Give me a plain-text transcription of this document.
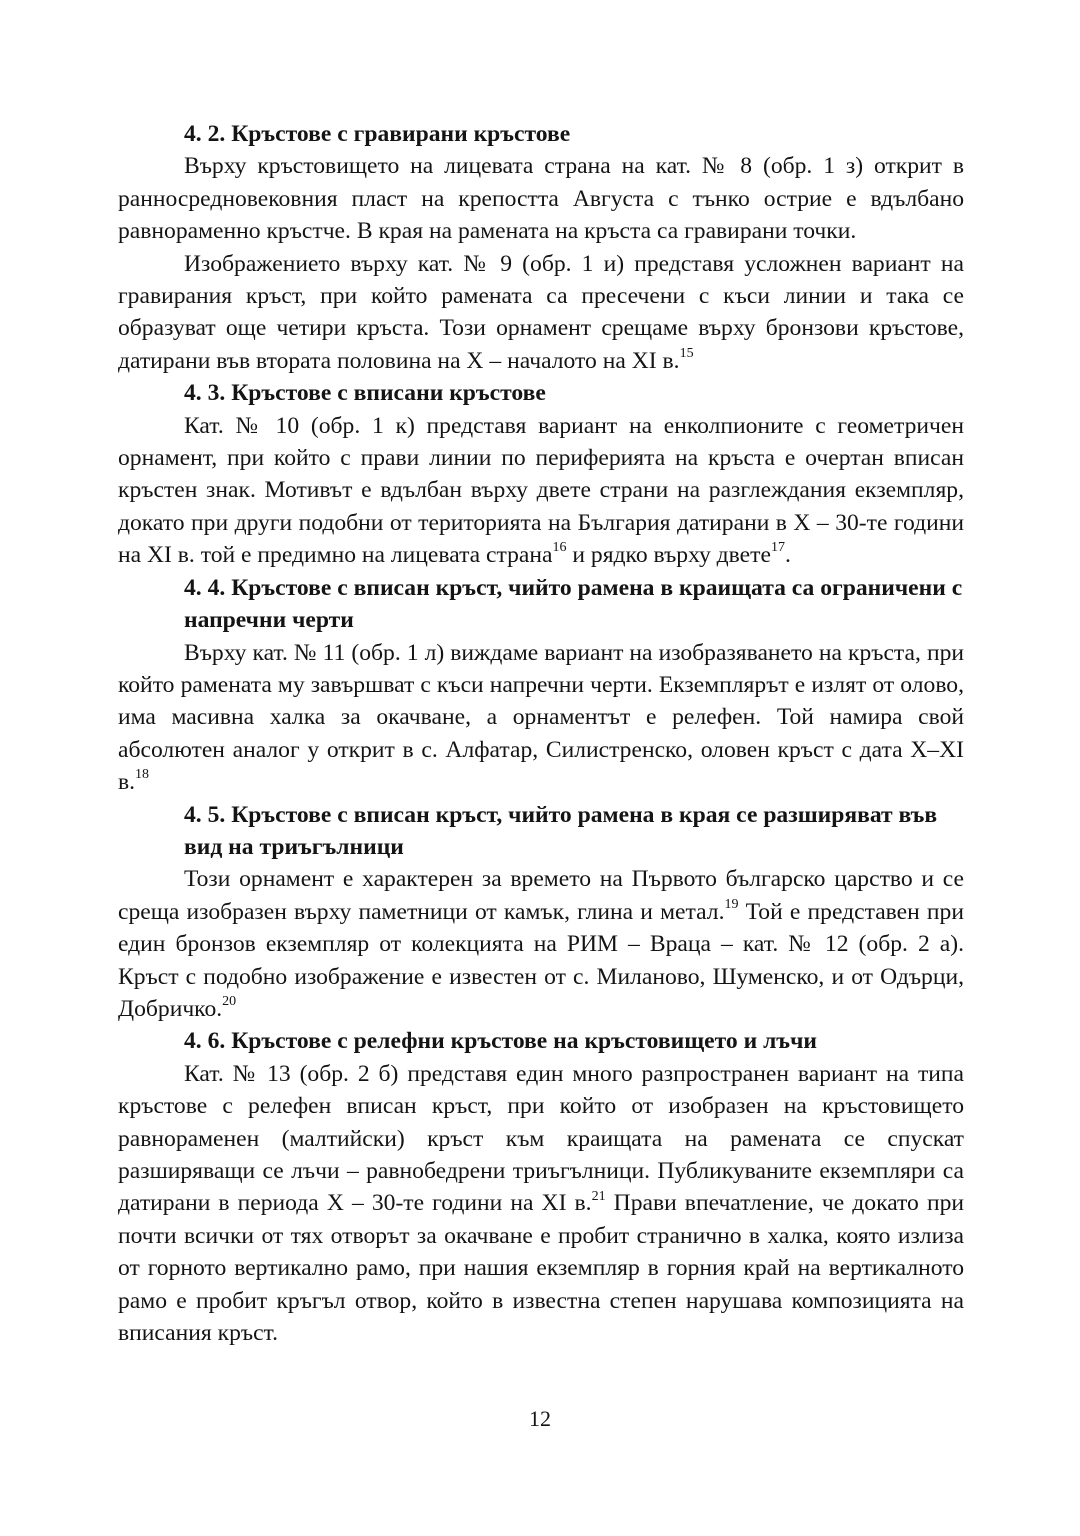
4. 2. Кръстове с гравирани кръстове

Върху кръстовището на лицевата страна на кат. № 8 (обр. 1 з) открит в ранносредновековния пласт на крепостта Августа с тънко острие е вдълбано равнораменно кръстче. В края на рамената на кръста са гравирани точки.

Изображението върху кат. № 9 (обр. 1 и) представя усложнен вариант на гравирания кръст, при който рамената са пресечени с къси линии и така се образуват още четири кръста. Този орнамент срещаме върху бронзови кръстове, датирани във втората половина на Х – началото на ХІ в.$^{15}$

4. 3. Кръстове с вписани кръстове

Кат. № 10 (обр. 1 к) представя вариант на енколпионите с геометричен орнамент, при който с прави линии по периферията на кръста е очертан вписан кръстен знак. Мотивът е вдълбан върху двете страни на разглеждания екземпляр, докато при други подобни от територията на България датирани в Х – 30-те години на ХІ в. той е предимно на лицевата страна$^{16}$ и рядко върху двете$^{17}$.

4. 4. Кръстове с вписан кръст, чийто рамена в краищата са ограничени с напречни черти

Върху кат. № 11 (обр. 1 л) виждаме вариант на изобразяването на кръста, при който рамената му завършват с къси напречни черти. Екземплярът е излят от олово, има масивна халка за окачване, а орнаментът е релефен. Той намира свой абсолютен аналог у открит в с. Алфатар, Силистренско, оловен кръст с дата Х–ХІ в.$^{18}$

4. 5. Кръстове с вписан кръст, чийто рамена в края се разширяват във вид на триъгълници

Този орнамент е характерен за времето на Първото българско царство и се среща изобразен върху паметници от камък, глина и метал.$^{19}$ Той е представен при един бронзов екземпляр от колекцията на РИМ – Враца – кат. № 12 (обр. 2 а). Кръст с подобно изображение е известен от с. Миланово, Шуменско, и от Одърци, Добричко.$^{20}$

4. 6. Кръстове с релефни кръстове на кръстовището и лъчи

Кат. № 13 (обр. 2 б) представя един много разпространен вариант на типа кръстове с релефен вписан кръст, при който от изобразен на кръстовището равнораменен (малтийски) кръст към краищата на рамената се спускат разширяващи се лъчи – равнобедрени триъгълници. Публикуваните екземпляри са датирани в периода Х – 30-те години на ХІ в.$^{21}$ Прави впечатление, че докато при почти всички от тях отворът за окачване е пробит странично в халка, която излиза от горното вертикално рамо, при нашия екземпляр в горния край на вертикалното рамо е пробит кръгъл отвор, който в известна степен нарушава композицията на вписания кръст.

12
